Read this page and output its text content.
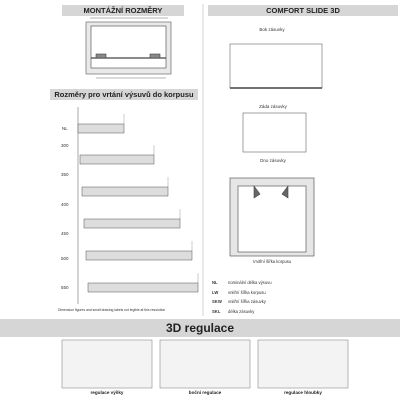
MONTÁŽNÍ ROZMĚRY
Rozměry pro vrtání výsuvů do korpusu
COMFORT SLIDE 3D
3D regulace
NL
300
350
400
450
500
550
Dimension figures and small drawing labels not legible at this resolution
Bok zásuvky
Záda zásuvky
Dno zásuvky
Vnitřní šířka korpusu
NL nominální délka výsuvu
LW vnitřní šířka korpusu
SKW vnitřní šířka zásuvky
SKL délka zásuvky
regulace výšky	boční regulace	regulace hloubky
